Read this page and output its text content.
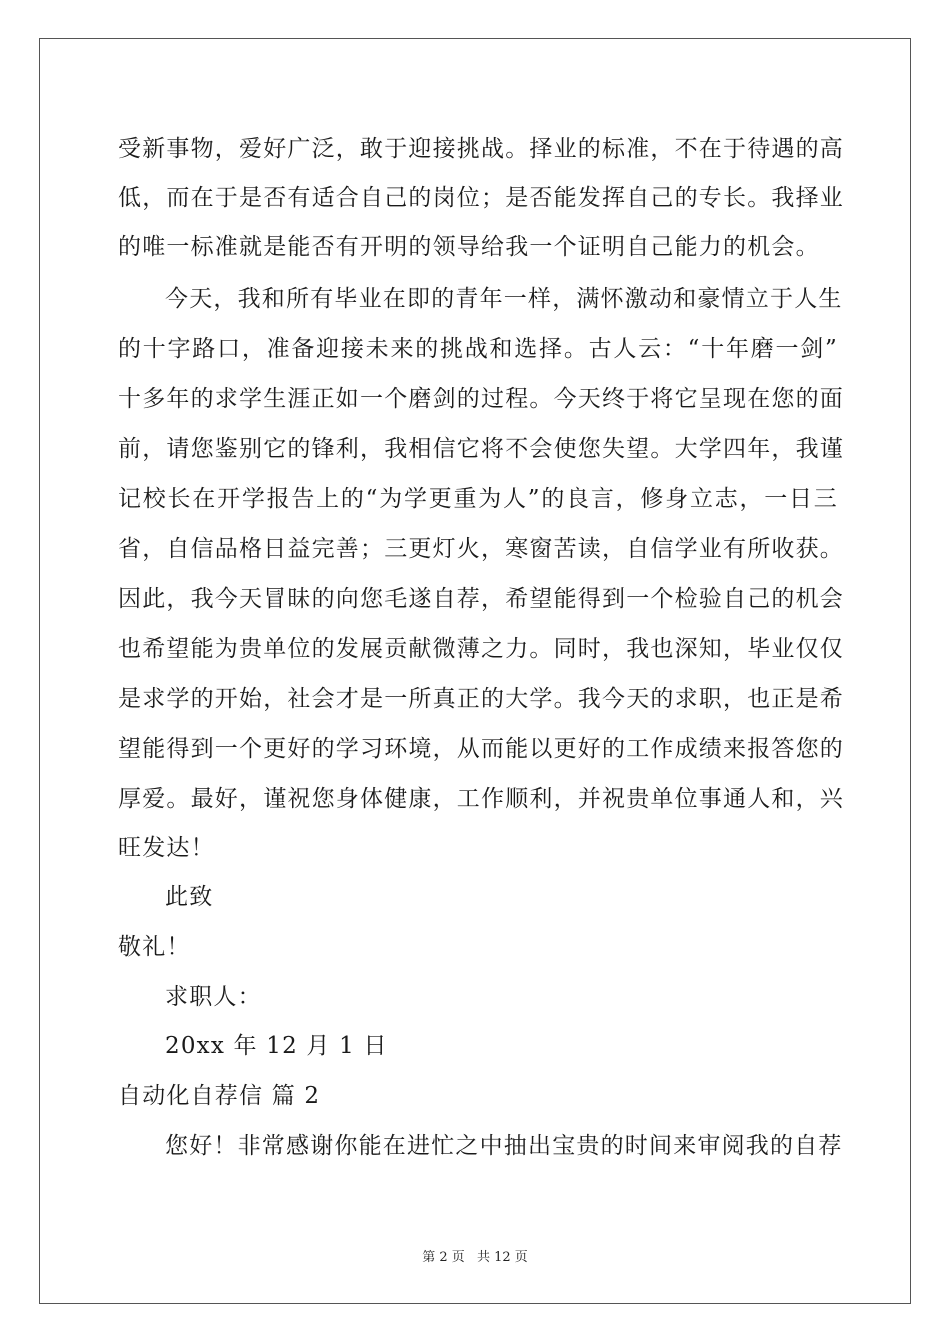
受新事物，爱好广泛，敢于迎接挑战。择业的标准，不在于待遇的高
低，而在于是否有适合自己的岗位；是否能发挥自己的专长。我择业
的唯一标准就是能否有开明的领导给我一个证明自己能力的机会。
今天，我和所有毕业在即的青年一样，满怀激动和豪情立于人生
的十字路口，准备迎接未来的挑战和选择。古人云：“十年磨一剑”
十多年的求学生涯正如一个磨剑的过程。今天终于将它呈现在您的面
前，请您鉴别它的锋利，我相信它将不会使您失望。大学四年，我谨
记校长在开学报告上的“为学更重为人”的良言，修身立志，一日三
省，自信品格日益完善；三更灯火，寒窗苦读，自信学业有所收获。
因此，我今天冒昧的向您毛遂自荐，希望能得到一个检验自己的机会
也希望能为贵单位的发展贡献微薄之力。同时，我也深知，毕业仅仅
是求学的开始，社会才是一所真正的大学。我今天的求职，也正是希
望能得到一个更好的学习环境，从而能以更好的工作成绩来报答您的
厚爱。最好，谨祝您身体健康，工作顺利，并祝贵单位事通人和，兴
旺发达！
此致
敬礼！
求职人：
20xx 年 12 月 1 日
自动化自荐信 篇 2
您好！非常感谢你能在进忙之中抽出宝贵的时间来审阅我的自荐
第 2 页 共 12 页
